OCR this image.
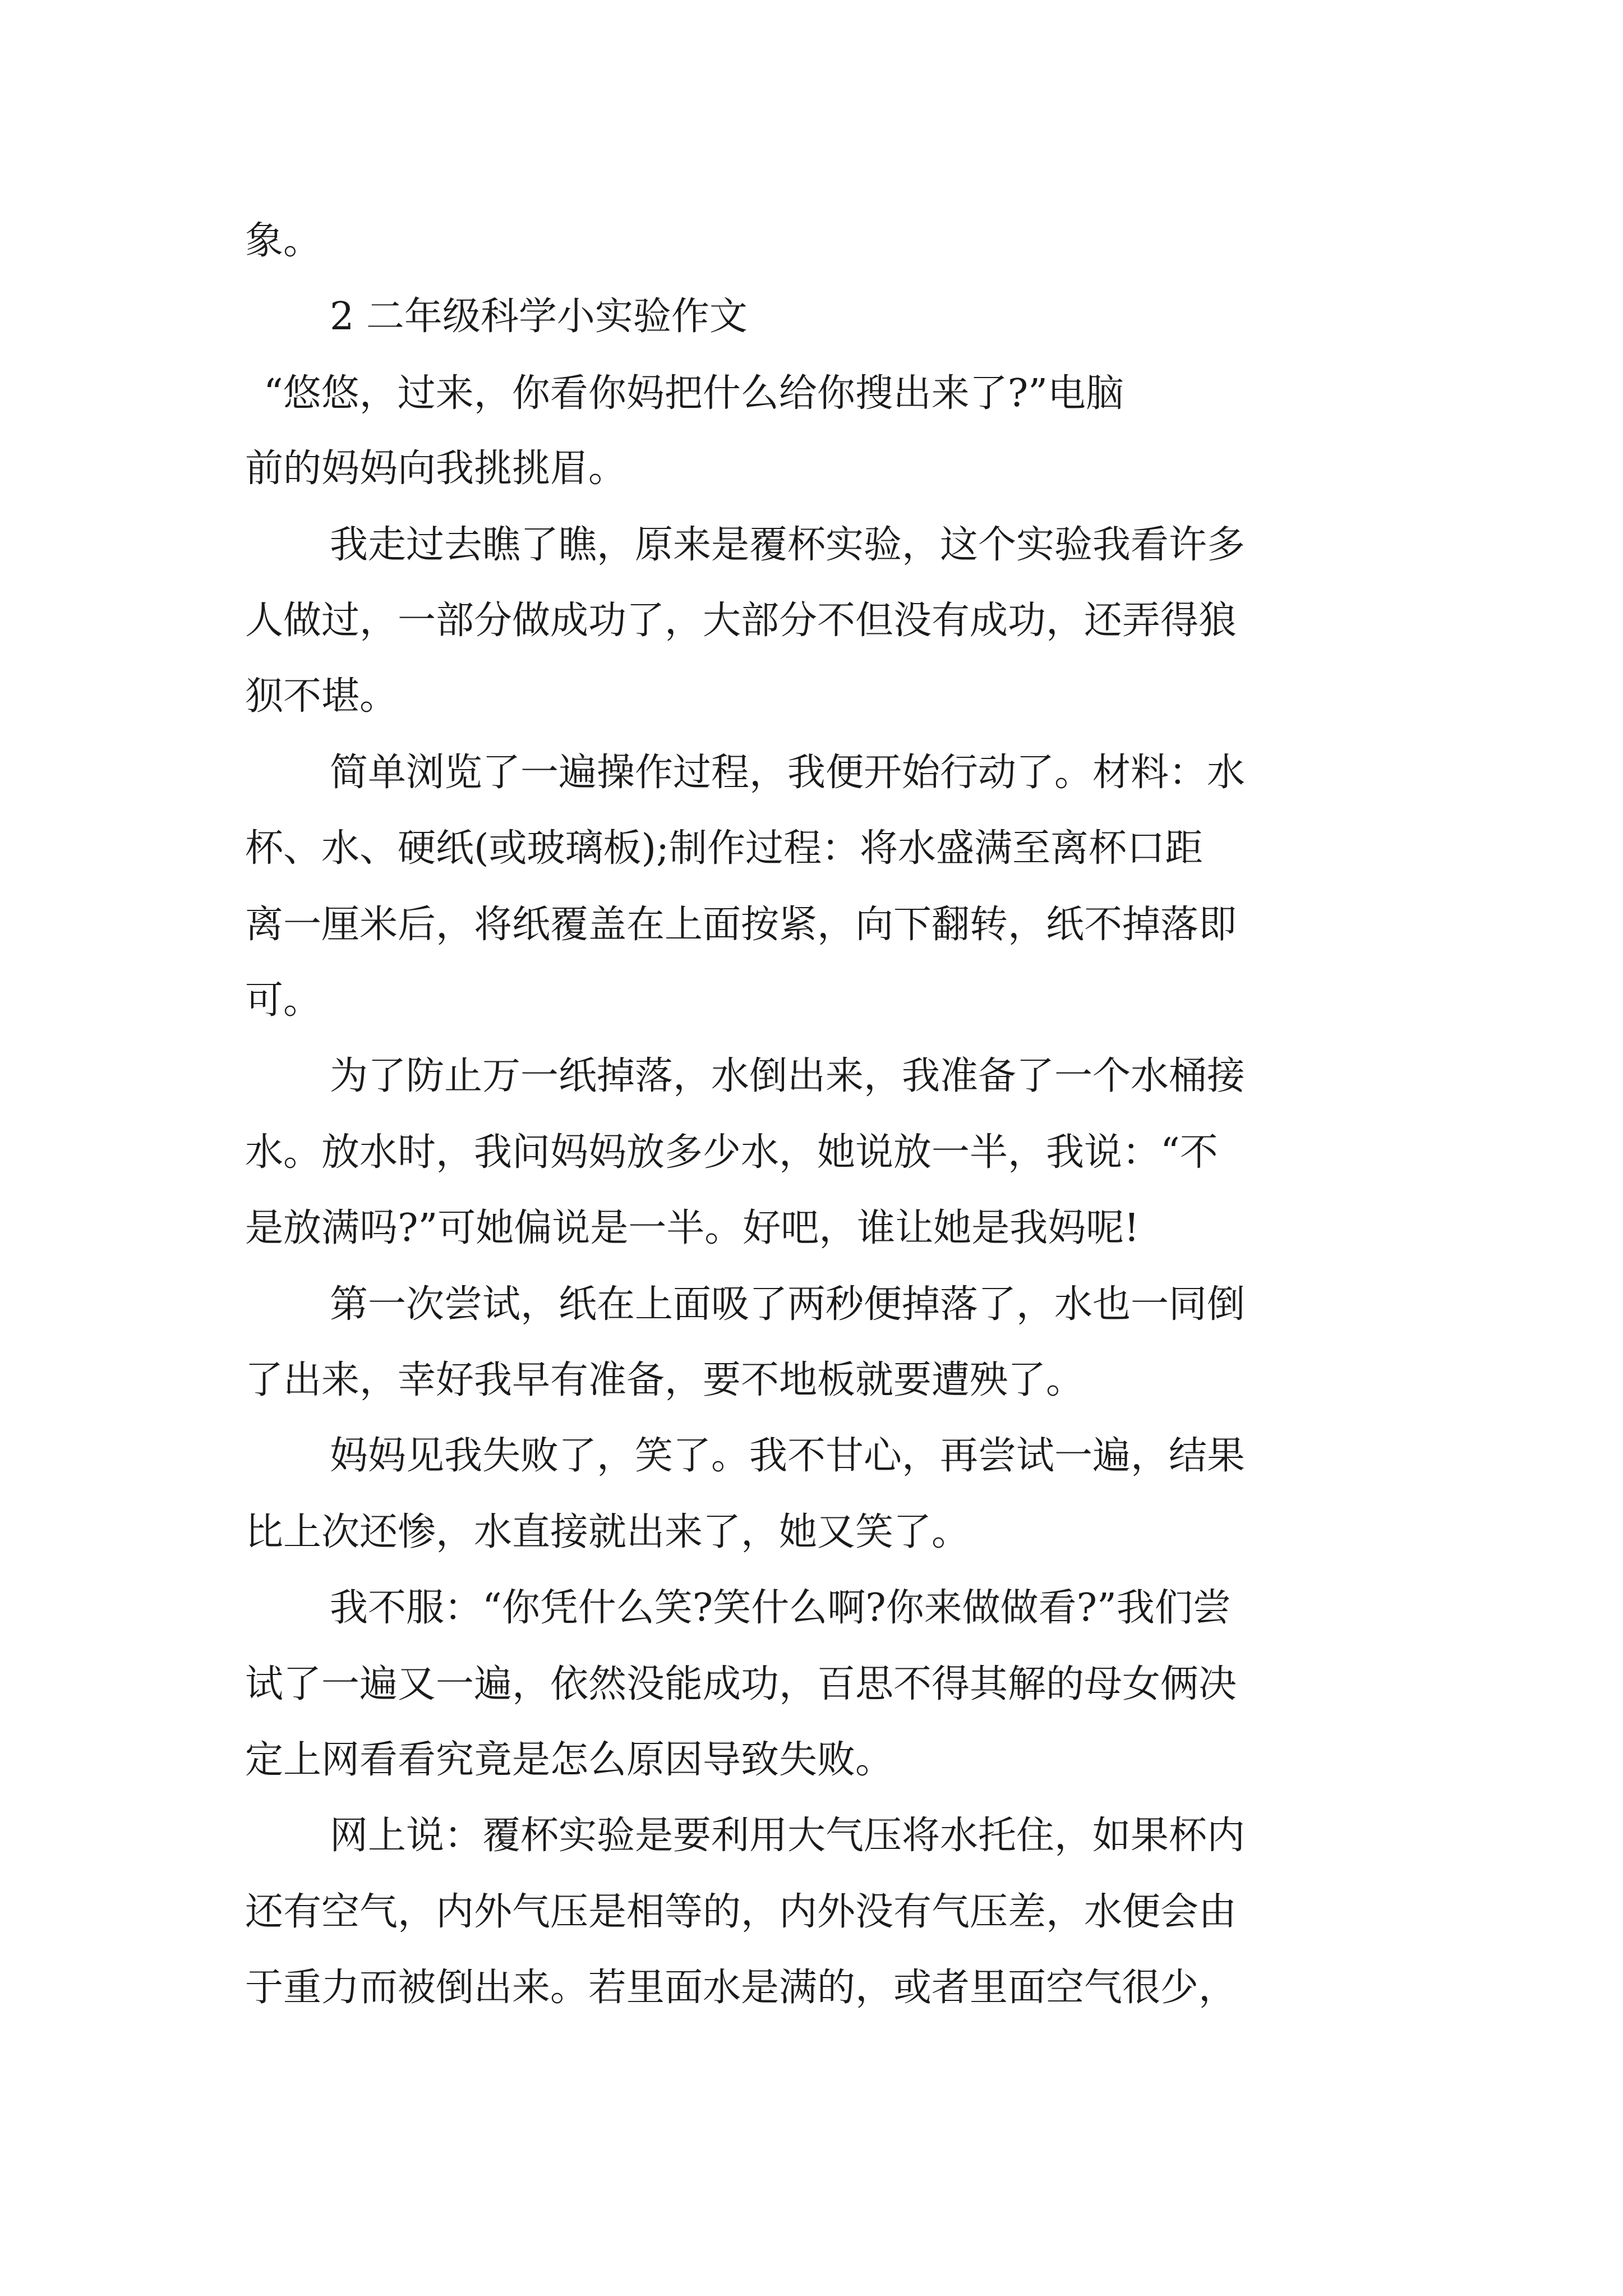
象。
2 二年级科学小实验作文
“悠悠，过来，你看你妈把什么给你搜出来了?”电脑
前的妈妈向我挑挑眉。
我走过去瞧了瞧，原来是覆杯实验，这个实验我看许多
人做过，一部分做成功了，大部分不但没有成功，还弄得狼
狈不堪。
简单浏览了一遍操作过程，我便开始行动了。材料：水
杯、水、硬纸(或玻璃板);制作过程：将水盛满至离杯口距
离一厘米后，将纸覆盖在上面按紧，向下翻转，纸不掉落即
可。
为了防止万一纸掉落，水倒出来，我准备了一个水桶接
水。放水时，我问妈妈放多少水，她说放一半，我说：“不
是放满吗?”可她偏说是一半。好吧，谁让她是我妈呢!
第一次尝试，纸在上面吸了两秒便掉落了，水也一同倒
了出来，幸好我早有准备，要不地板就要遭殃了。
妈妈见我失败了，笑了。我不甘心，再尝试一遍，结果
比上次还惨，水直接就出来了，她又笑了。
我不服：“你凭什么笑?笑什么啊?你来做做看?”我们尝
试了一遍又一遍，依然没能成功，百思不得其解的母女俩决
定上网看看究竟是怎么原因导致失败。
网上说：覆杯实验是要利用大气压将水托住，如果杯内
还有空气，内外气压是相等的，内外没有气压差，水便会由
于重力而被倒出来。若里面水是满的，或者里面空气很少，
